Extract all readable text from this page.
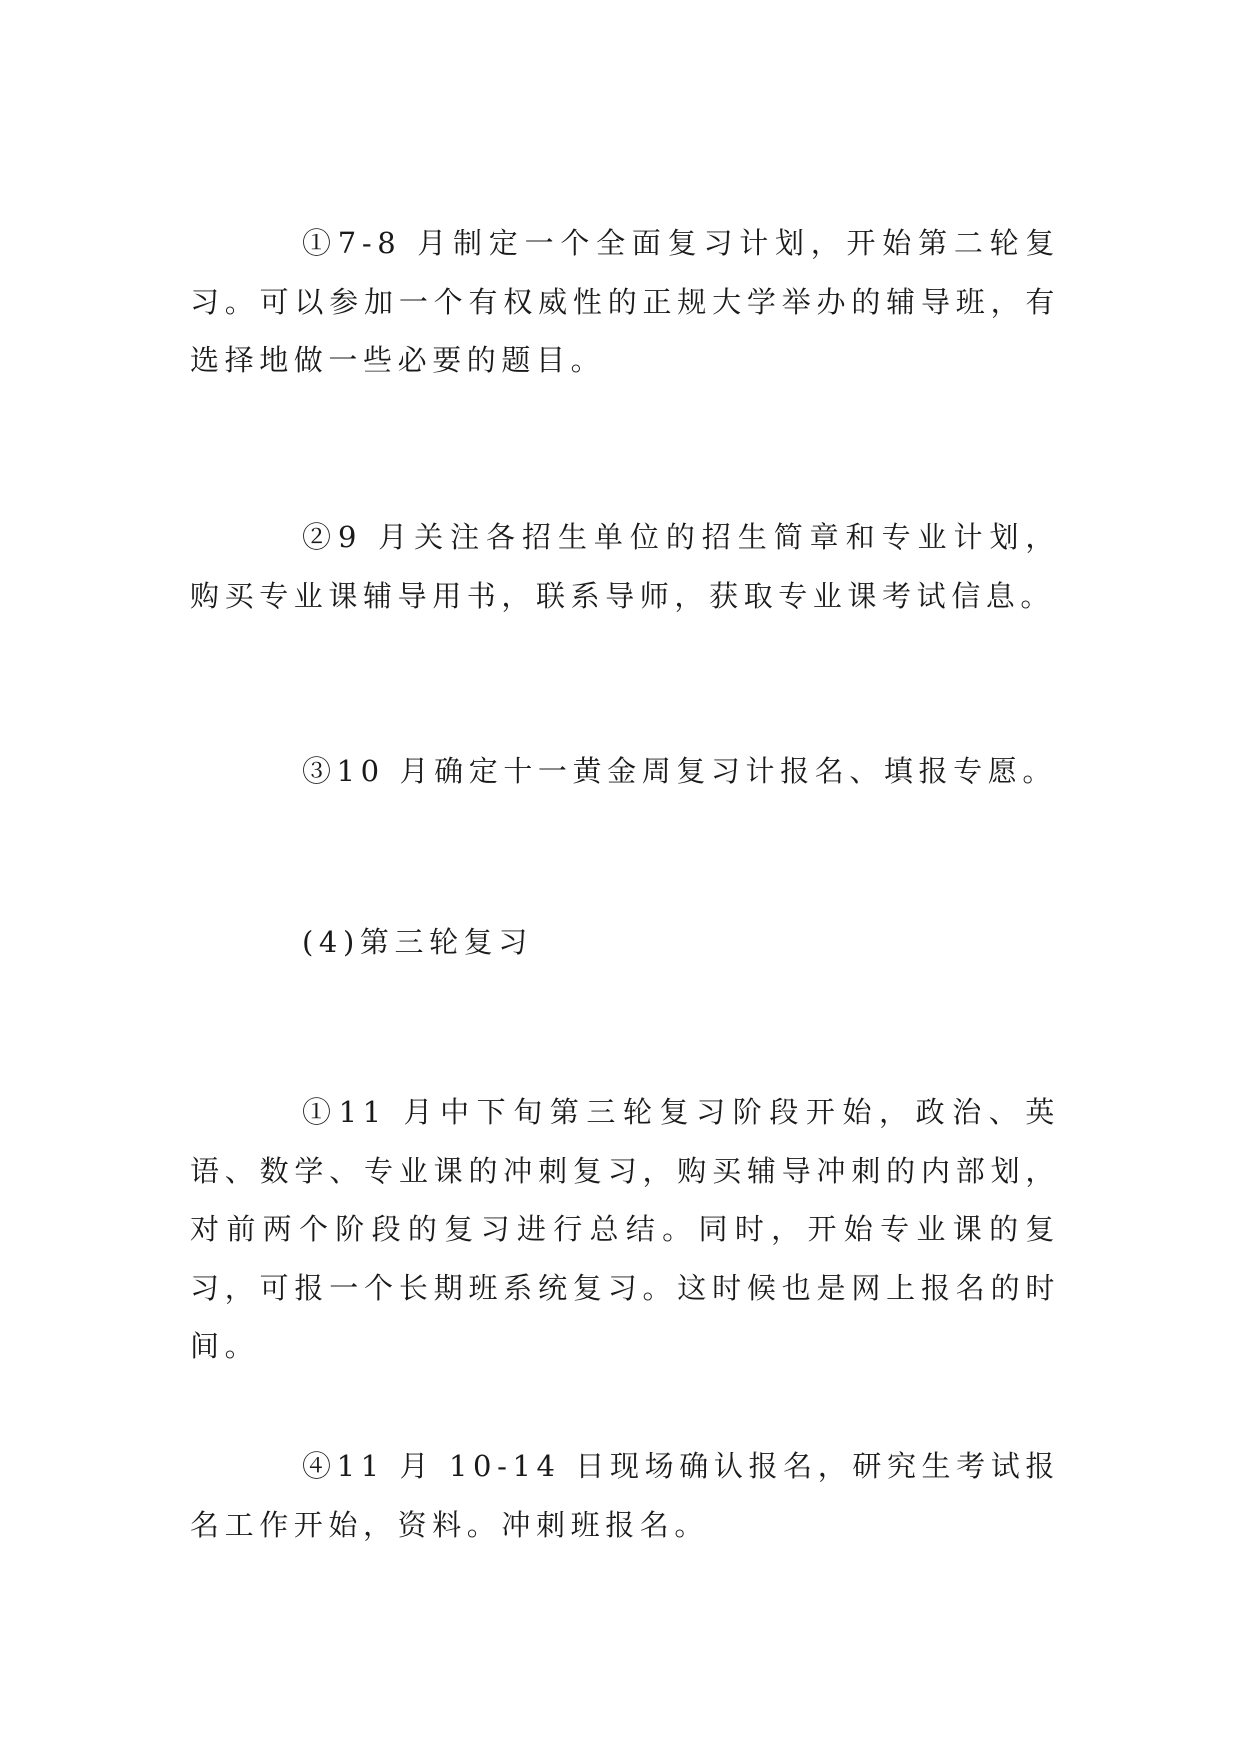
①7-8 月制定一个全面复习计划，开始第二轮复习。可以参加一个有权威性的正规大学举办的辅导班，有选择地做一些必要的题目。

②9 月关注各招生单位的招生简章和专业计划，购买专业课辅导用书，联系导师，获取专业课考试信息。

③10 月确定十一黄金周复习计报名、填报专愿。

(4)第三轮复习

①11 月中下旬第三轮复习阶段开始，政治、英语、数学、专业课的冲刺复习，购买辅导冲刺的内部划，对前两个阶段的复习进行总结。同时，开始专业课的复习，可报一个长期班系统复习。这时候也是网上报名的时间。

④11 月 10-14 日现场确认报名，研究生考试报名工作开始，资料。冲刺班报名。
